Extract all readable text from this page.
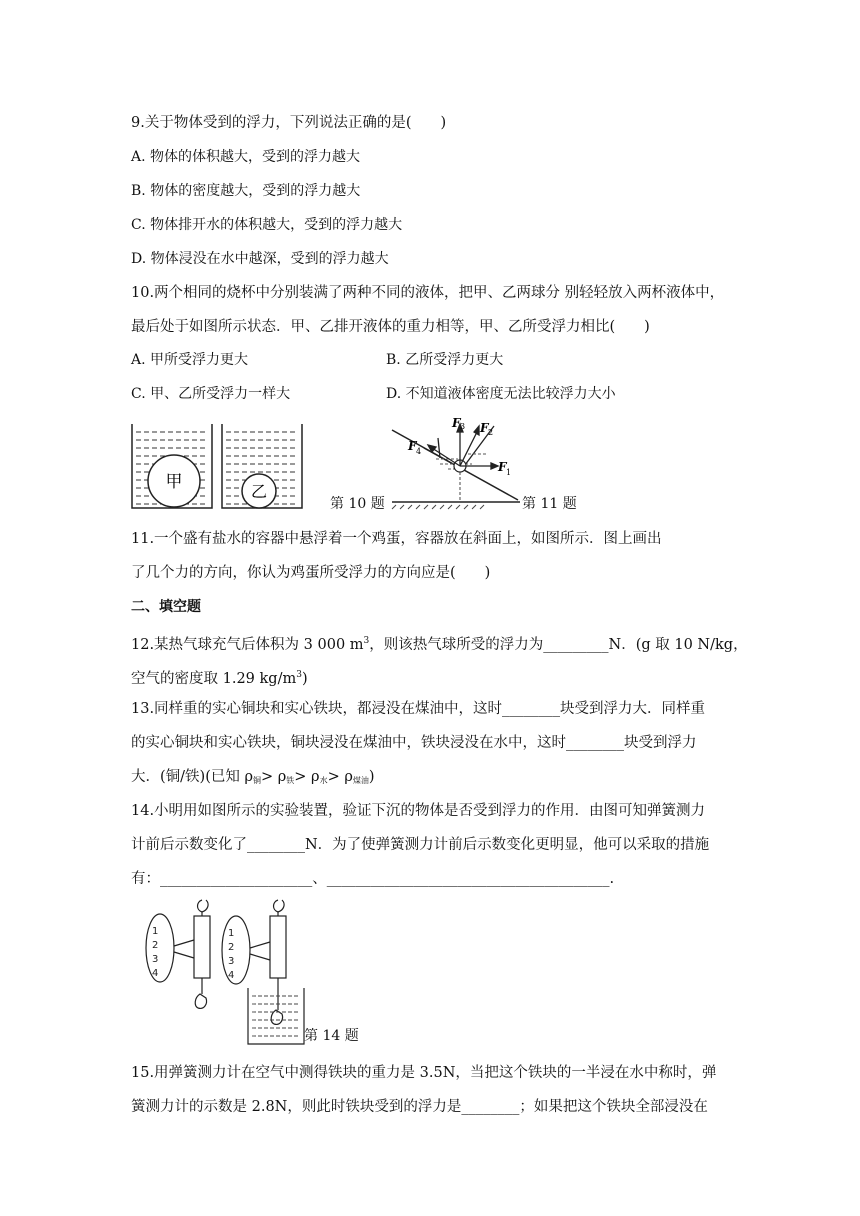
9.关于物体受到的浮力，下列说法正确的是(　　)
A. 物体的体积越大，受到的浮力越大
B. 物体的密度越大，受到的浮力越大
C. 物体排开水的体积越大，受到的浮力越大
D. 物体浸没在水中越深，受到的浮力越大
10.两个相同的烧杯中分别装满了两种不同的液体，把甲、乙两球分 别轻轻放入两杯液体中，
最后处于如图所示状态．甲、乙排开液体的重力相等，甲、乙所受浮力相比(　　)
A. 甲所受浮力更大	B. 乙所受浮力更大
C. 甲、乙所受浮力一样大	D. 不知道液体密度无法比较浮力大小
甲	乙
第 10 题
F 3 F 2
F 4
F 1
第 11 题
11.一个盛有盐水的容器中悬浮着一个鸡蛋，容器放在斜面上，如图所示．图上画出
了几个力的方向，你认为鸡蛋所受浮力的方向应是(　　)
二、填空题
12.某热气球充气后体积为 3 000 $m^3$，则该热气球所受的浮力为_________N．(g 取 10 N/kg，
空气的密度取 1.29 $kg/m^3$)
13.同样重的实心铜块和实心铁块，都浸没在煤油中，这时________块受到浮力大．同样重
的实心铜块和实心铁块，铜块浸没在煤油中，铁块浸没在水中，这时________块受到浮力
大．(铜/铁)(已知 $\rho_铜> \rho_铁> \rho_水> \rho_{煤油}$)
14.小明用如图所示的实验装置，验证下沉的物体是否受到浮力的作用．由图可知弹簧测力
计前后示数变化了________N．为了使弹簧测力计前后示数变化更明显，他可以采取的措施
有：_____________________、_______________________________________.
1
2
3
4
1
2
3
4
第 14 题
15.用弹簧测力计在空气中测得铁块的重力是 3.5N，当把这个铁块的一半浸在水中称时，弹
簧测力计的示数是 2.8N，则此时铁块受到的浮力是________；如果把这个铁块全部浸没在
